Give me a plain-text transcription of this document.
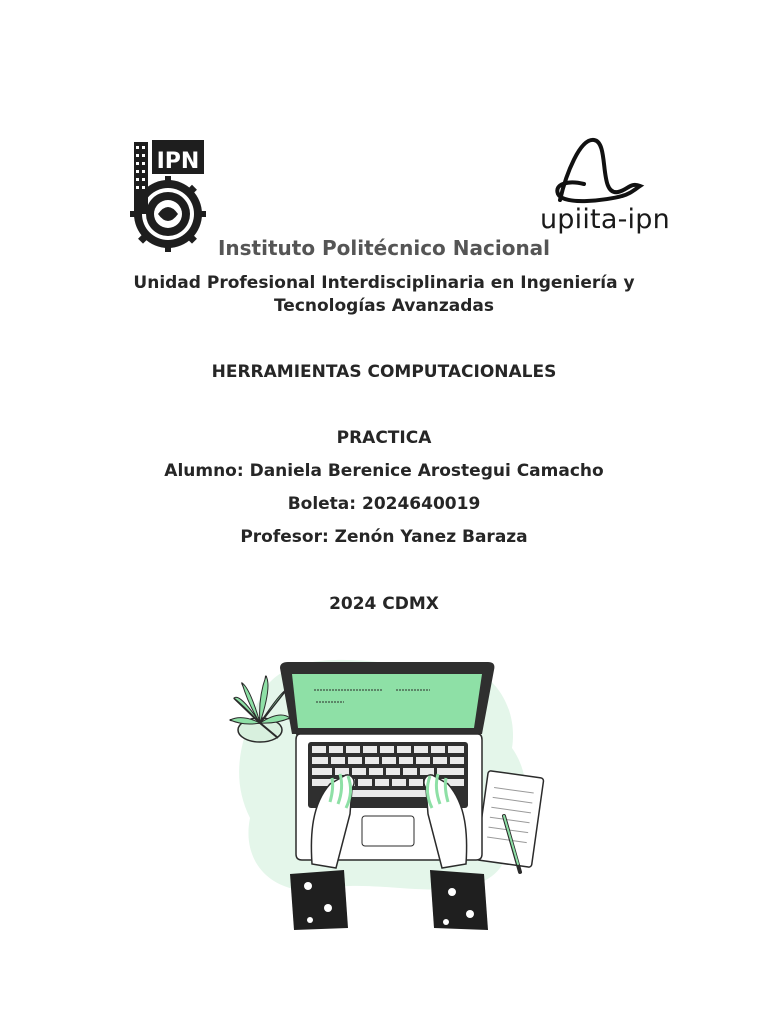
IPN
upiita-ipn
Instituto Politécnico Nacional
Unidad Profesional Interdisciplinaria en Ingeniería y
Tecnologías Avanzadas
HERRAMIENTAS COMPUTACIONALES
PRACTICA
Alumno: Daniela Berenice Arostegui Camacho
Boleta: 2024640019
Profesor: Zenón Yanez Baraza
2024 CDMX
